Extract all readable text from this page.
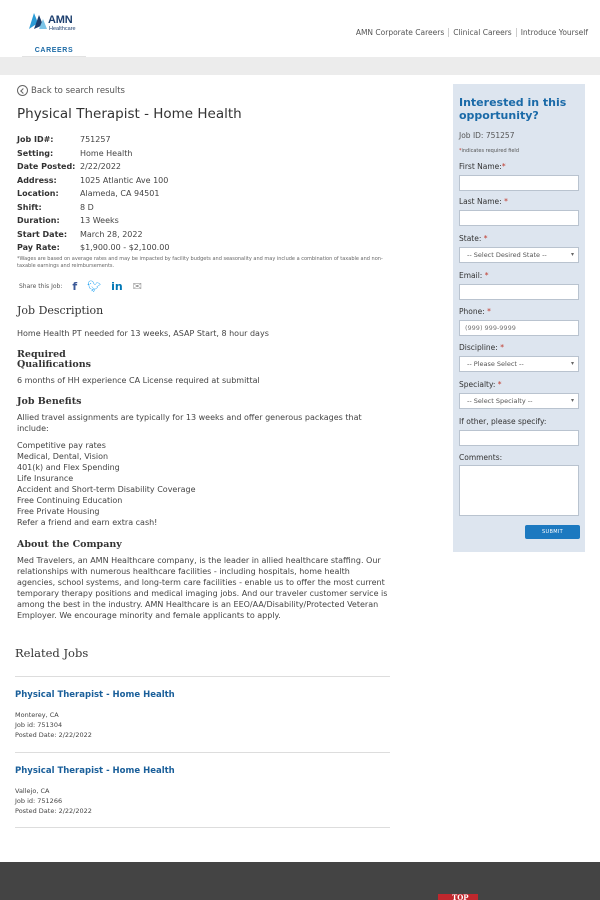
AMN
Healthcare
CAREERS
AMN Corporate Careers	Clinical Careers	Introduce Yourself
Back to search results
Physical Therapist - Home Health
Job ID#:	751257
Setting:	Home Health
Date Posted: 2/22/2022
Address:	1025 Atlantic Ave 100
Location:	Alameda, CA 94501
Shift:	8 D
Duration:	13 Weeks
Start Date:	March 28, 2022
Pay Rate:	$1,900.00 - $2,100.00
*Wages are based on average rates and may be impacted by facility budgets and seasonality and may include a combination of taxable and non-taxable earnings and reimbursements.
Share this Job: f 🐦︎ in ✉
Job Description
Home Health PT needed for 13 weeks, ASAP Start, 8 hour days
Required
Qualifications
6 months of HH experience CA License required at submittal
Job Benefits
Allied travel assignments are typically for 13 weeks and offer generous packages that include:
Competitive pay rates
Medical, Dental, Vision
401(k) and Flex Spending
Life Insurance
Accident and Short-term Disability Coverage
Free Continuing Education
Free Private Housing
Refer a friend and earn extra cash!
About the Company
Med Travelers, an AMN Healthcare company, is the leader in allied healthcare staffing. Our relationships with numerous healthcare facilities - including hospitals, home health agencies, school systems, and long-term care facilities - enable us to offer the most current temporary therapy positions and medical imaging jobs. And our traveler customer service is among the best in the industry. AMN Healthcare is an EEO/AA/Disability/Protected Veteran Employer. We encourage minority and female applicants to apply.
Related Jobs
Physical Therapist - Home Health
Monterey, CA
Job id: 751304
Posted Date: 2/22/2022
Physical Therapist - Home Health
Vallejo, CA
Job id: 751266
Posted Date: 2/22/2022
Interested in this opportunity?
Job ID: 751257
*indicates required field
First Name:*
Last Name: *
State: *
-- Select Desired State -- ▾
Email: *
Phone: *
(999) 999-9999
Discipline: *
-- Please Select -- ▾
Specialty: *
-- Select Specialty -- ▾
If other, please specify:
Comments:
SUBMIT
TOP
